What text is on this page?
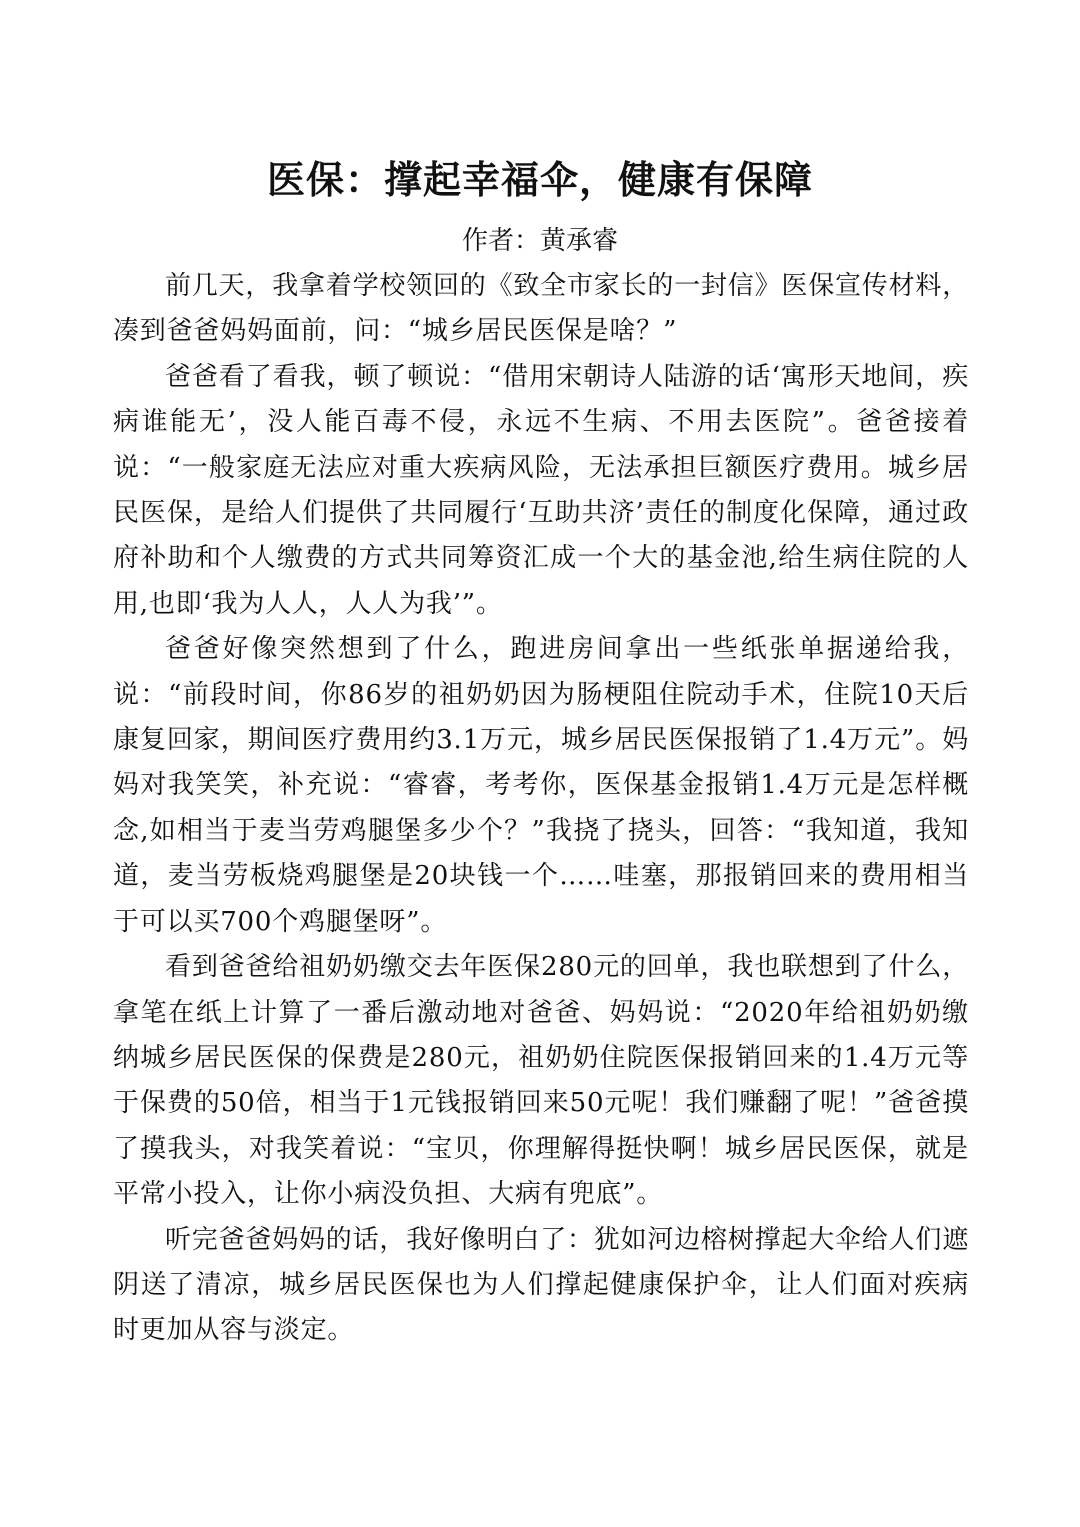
医保：撑起幸福伞，健康有保障

作者：黄承睿

前几天，我拿着学校领回的《致全市家长的一封信》医保宣传材料，凑到爸爸妈妈面前，问：“城乡居民医保是啥？”

爸爸看了看我，顿了顿说：“借用宋朝诗人陆游的话‘寓形天地间，疾病谁能无’，没人能百毒不侵，永远不生病、不用去医院”。爸爸接着说：“一般家庭无法应对重大疾病风险，无法承担巨额医疗费用。城乡居民医保，是给人们提供了共同履行‘互助共济’责任的制度化保障，通过政府补助和个人缴费的方式共同筹资汇成一个大的基金池,给生病住院的人用,也即‘我为人人，人人为我’”。

爸爸好像突然想到了什么，跑进房间拿出一些纸张单据递给我，说：“前段时间，你86岁的祖奶奶因为肠梗阻住院动手术，住院10天后康复回家，期间医疗费用约3.1万元，城乡居民医保报销了1.4万元”。妈妈对我笑笑，补充说：“睿睿，考考你，医保基金报销1.4万元是怎样概念,如相当于麦当劳鸡腿堡多少个？”我挠了挠头，回答：“我知道，我知道，麦当劳板烧鸡腿堡是20块钱一个……哇塞，那报销回来的费用相当于可以买700个鸡腿堡呀”。

看到爸爸给祖奶奶缴交去年医保280元的回单，我也联想到了什么，拿笔在纸上计算了一番后激动地对爸爸、妈妈说：“2020年给祖奶奶缴纳城乡居民医保的保费是280元，祖奶奶住院医保报销回来的1.4万元等于保费的50倍，相当于1元钱报销回来50元呢！我们赚翻了呢！”爸爸摸了摸我头，对我笑着说：“宝贝，你理解得挺快啊！城乡居民医保，就是平常小投入，让你小病没负担、大病有兜底”。

听完爸爸妈妈的话，我好像明白了：犹如河边榕树撑起大伞给人们遮阴送了清凉，城乡居民医保也为人们撑起健康保护伞，让人们面对疾病时更加从容与淡定。
